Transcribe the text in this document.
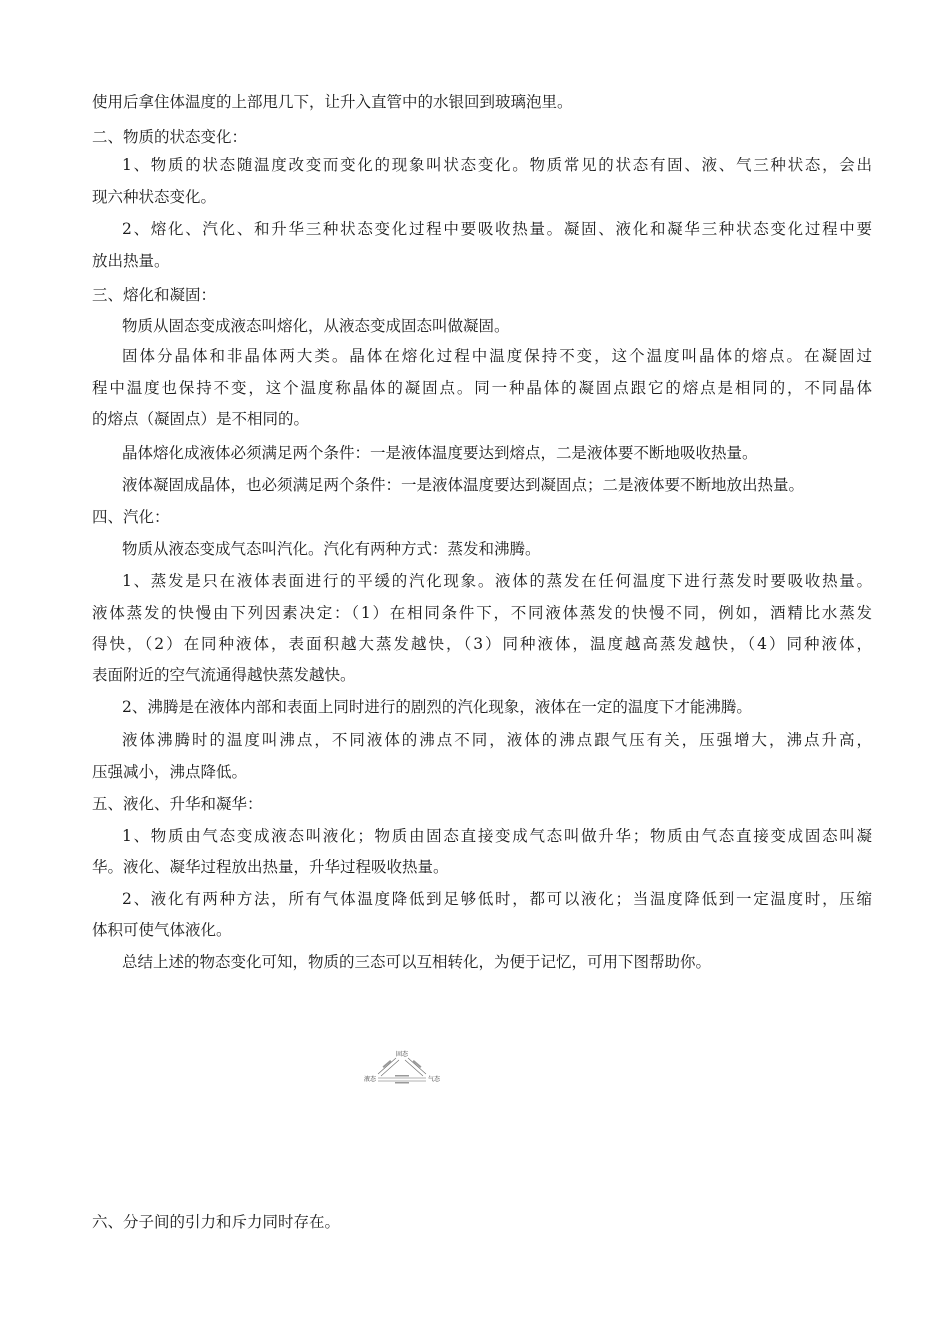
使用后拿住体温度的上部甩几下，让升入直管中的水银回到玻璃泡里。
二、物质的状态变化：
1、物质的状态随温度改变而变化的现象叫状态变化。物质常见的状态有固、液、气三种状态，会出
现六种状态变化。
2、熔化、汽化、和升华三种状态变化过程中要吸收热量。凝固、液化和凝华三种状态变化过程中要
放出热量。
三、熔化和凝固：
物质从固态变成液态叫熔化，从液态变成固态叫做凝固。
固体分晶体和非晶体两大类。晶体在熔化过程中温度保持不变，这个温度叫晶体的熔点。在凝固过
程中温度也保持不变，这个温度称晶体的凝固点。同一种晶体的凝固点跟它的熔点是相同的，不同晶体
的熔点（凝固点）是不相同的。
晶体熔化成液体必须满足两个条件：一是液体温度要达到熔点，二是液体要不断地吸收热量。
液体凝固成晶体，也必须满足两个条件：一是液体温度要达到凝固点；二是液体要不断地放出热量。
四、汽化：
物质从液态变成气态叫汽化。汽化有两种方式：蒸发和沸腾。
1、蒸发是只在液体表面进行的平缓的汽化现象。液体的蒸发在任何温度下进行蒸发时要吸收热量。
液体蒸发的快慢由下列因素决定：（1）在相同条件下，不同液体蒸发的快慢不同，例如，酒精比水蒸发
得快，（2）在同种液体，表面积越大蒸发越快，（3）同种液体，温度越高蒸发越快，（4）同种液体，
表面附近的空气流通得越快蒸发越快。
2、沸腾是在液体内部和表面上同时进行的剧烈的汽化现象，液体在一定的温度下才能沸腾。
液体沸腾时的温度叫沸点，不同液体的沸点不同，液体的沸点跟气压有关，压强增大，沸点升高，
压强减小，沸点降低。
五、液化、升华和凝华：
1、物质由气态变成液态叫液化；物质由固态直接变成气态叫做升华；物质由气态直接变成固态叫凝
华。液化、凝华过程放出热量，升华过程吸收热量。
2、液化有两种方法，所有气体温度降低到足够低时，都可以液化；当温度降低到一定温度时，压缩
体积可使气体液化。
总结上述的物态变化可知，物质的三态可以互相转化，为便于记忆，可用下图帮助你。
固态
液态	气态
六、分子间的引力和斥力同时存在。
